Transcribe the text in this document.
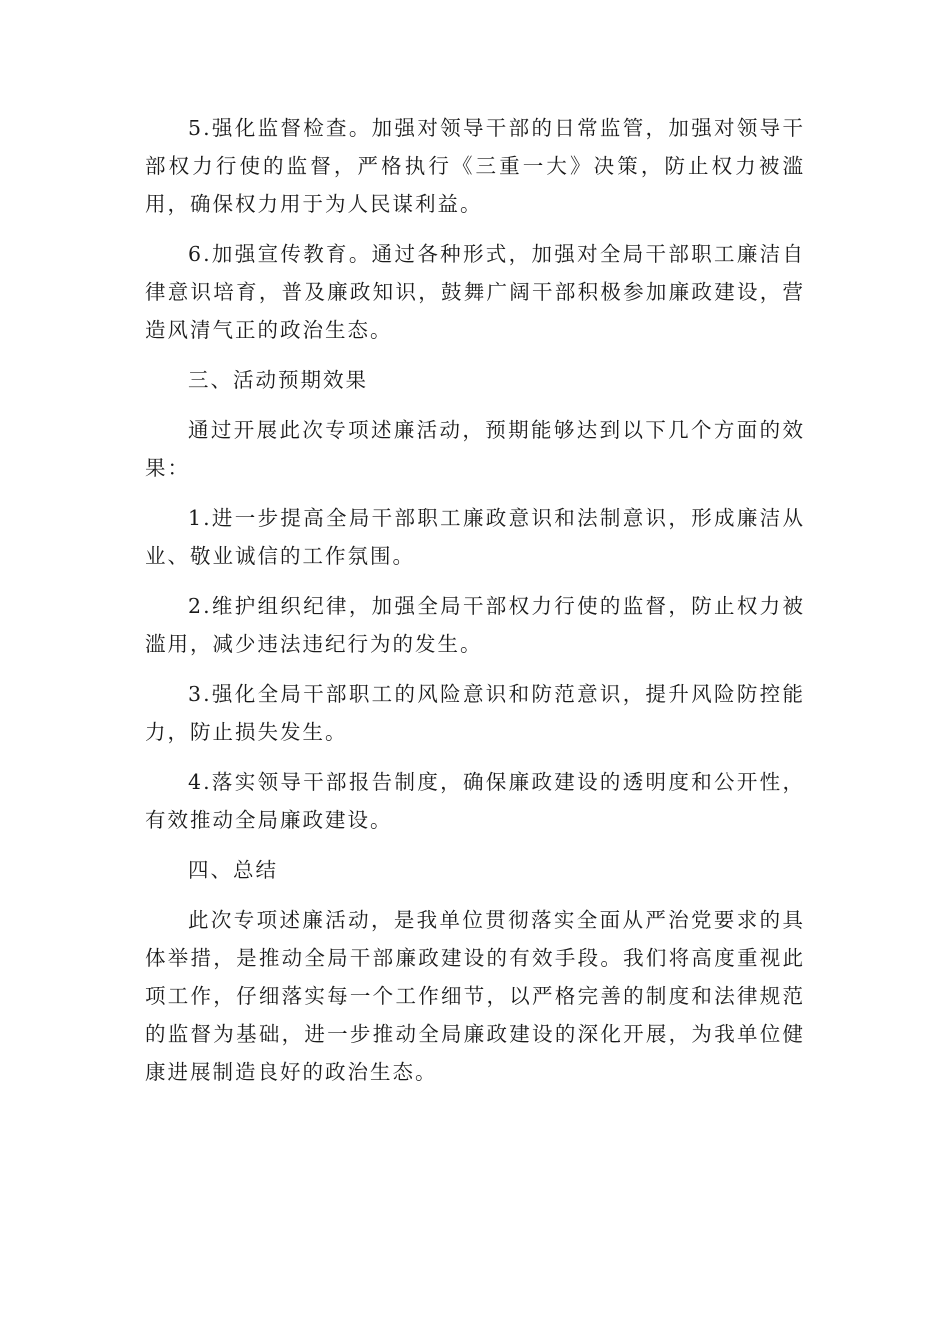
5.强化监督检查。加强对领导干部的日常监管，加强对领导干部权力行使的监督，严格执行《三重一大》决策，防止权力被滥用，确保权力用于为人民谋利益。

6.加强宣传教育。通过各种形式，加强对全局干部职工廉洁自律意识培育，普及廉政知识，鼓舞广阔干部积极参加廉政建设，营造风清气正的政治生态。

三、活动预期效果

通过开展此次专项述廉活动，预期能够达到以下几个方面的效果：

1.进一步提高全局干部职工廉政意识和法制意识，形成廉洁从业、敬业诚信的工作氛围。

2.维护组织纪律，加强全局干部权力行使的监督，防止权力被滥用，减少违法违纪行为的发生。

3.强化全局干部职工的风险意识和防范意识，提升风险防控能力，防止损失发生。

4.落实领导干部报告制度，确保廉政建设的透明度和公开性，有效推动全局廉政建设。

四、总结

此次专项述廉活动，是我单位贯彻落实全面从严治党要求的具体举措，是推动全局干部廉政建设的有效手段。我们将高度重视此项工作，仔细落实每一个工作细节，以严格完善的制度和法律规范的监督为基础，进一步推动全局廉政建设的深化开展，为我单位健康进展制造良好的政治生态。
